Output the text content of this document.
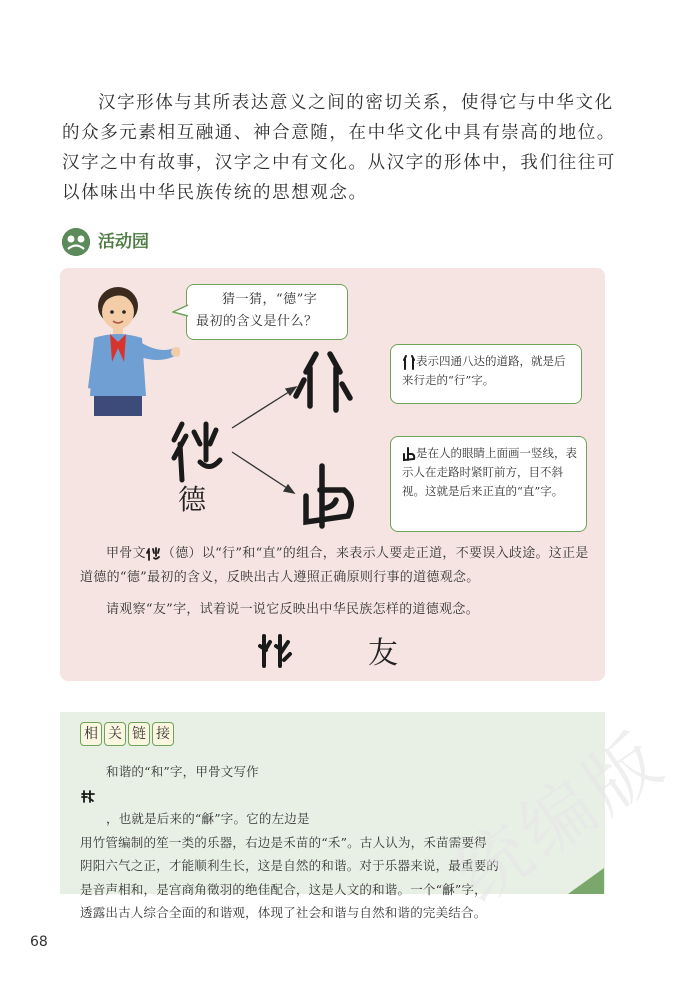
汉字形体与其所表达意义之间的密切关系，使得它与中华文化
的众多元素相互融通、神合意随，在中华文化中具有崇高的地位。
汉字之中有故事，汉字之中有文化。从汉字的形体中，我们往往可
以体味出中华民族传统的思想观念。

活动园
猜一猜，“德”字
最初的含义是什么？
德
表示四通八达的道路，就是后来行走的“行”字。
是在人的眼睛上面画一竖线，表示人在走路时紧盯前方，目不斜视。这就是后来正直的“直”字。
甲骨文 （德）以“行”和“直”的组合，来表示人要走正道，不要误入歧途。这正是道德的“德”最初的含义，反映出古人遵照正确原则行事的道德观念。
请观察“友”字，试着说一说它反映出中华民族怎样的道德观念。
友
相 关 链 接
和谐的“和”字，甲骨文写作
，也就是后来的“龢”字。它的左边是
用竹管编制的笙一类的乐器，右边是禾苗的“禾”。古人认为，禾苗需要得
阴阳六气之正，才能顺利生长，这是自然的和谐。对于乐器来说，最重要的
是音声相和，是宫商角徵羽的绝佳配合，这是人文的和谐。一个“龢”字，
透露出古人综合全面的和谐观，体现了社会和谐与自然和谐的完美结合。
统编版
68
